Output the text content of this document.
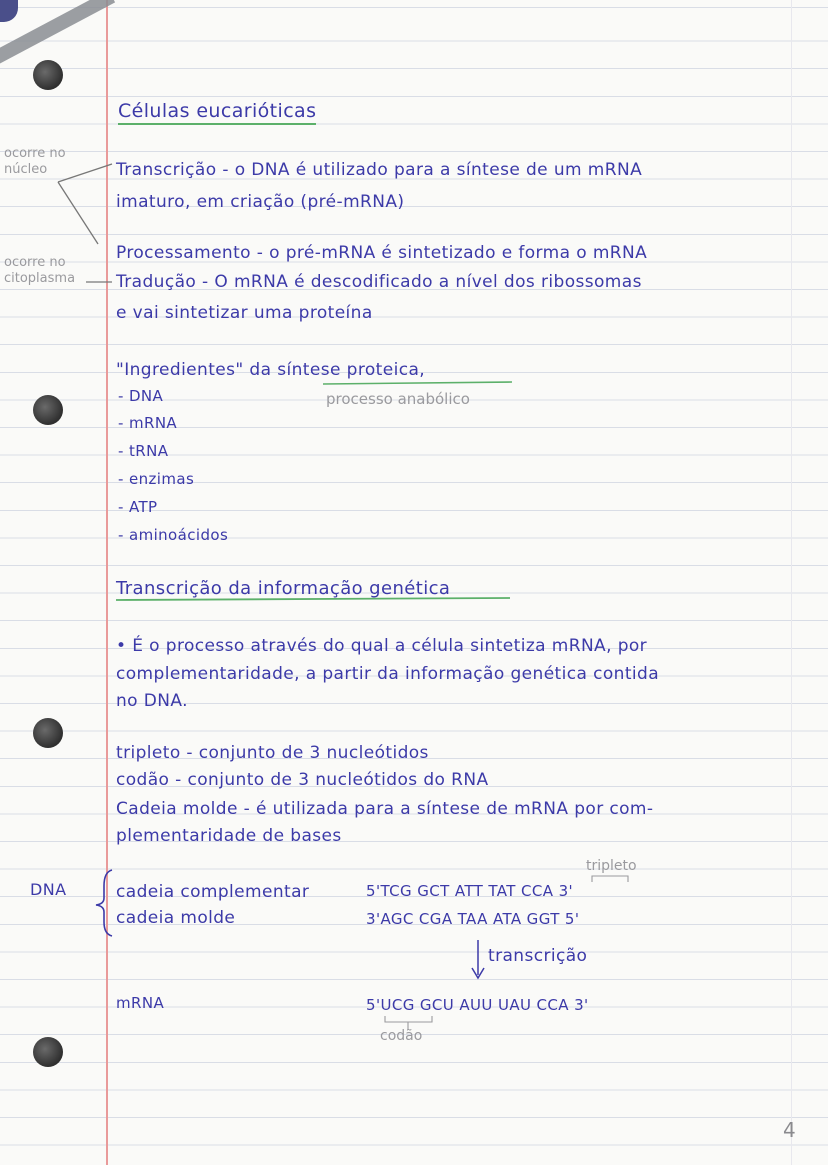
Células eucarióticas
ocorre no
núcleo
ocorre no
citoplasma
Transcrição - o DNA é utilizado para a síntese de um mRNA
imaturo, em criação (pré-mRNA)
Processamento - o pré-mRNA é sintetizado e forma o mRNA
Tradução - O mRNA é descodificado a nível dos ribossomas
e vai sintetizar uma proteína
"Ingredientes" da síntese proteica,
processo anabólico
- DNA
- mRNA
- tRNA
- enzimas
- ATP
- aminoácidos
Transcrição da informação genética
• É o processo através do qual a célula sintetiza mRNA, por
complementaridade, a partir da informação genética contida
no DNA.
tripleto - conjunto de 3 nucleótidos
codão - conjunto de 3 nucleótidos do RNA
Cadeia molde - é utilizada para a síntese de mRNA por com-
plementaridade de bases
DNA
tripleto
cadeia complementar	5'TCG GCT ATT TAT CCA 3'
cadeia molde	3'AGC CGA TAA ATA GGT 5'
transcrição
mRNA	5'UCG GCU AUU UAU CCA 3'
codão
4
